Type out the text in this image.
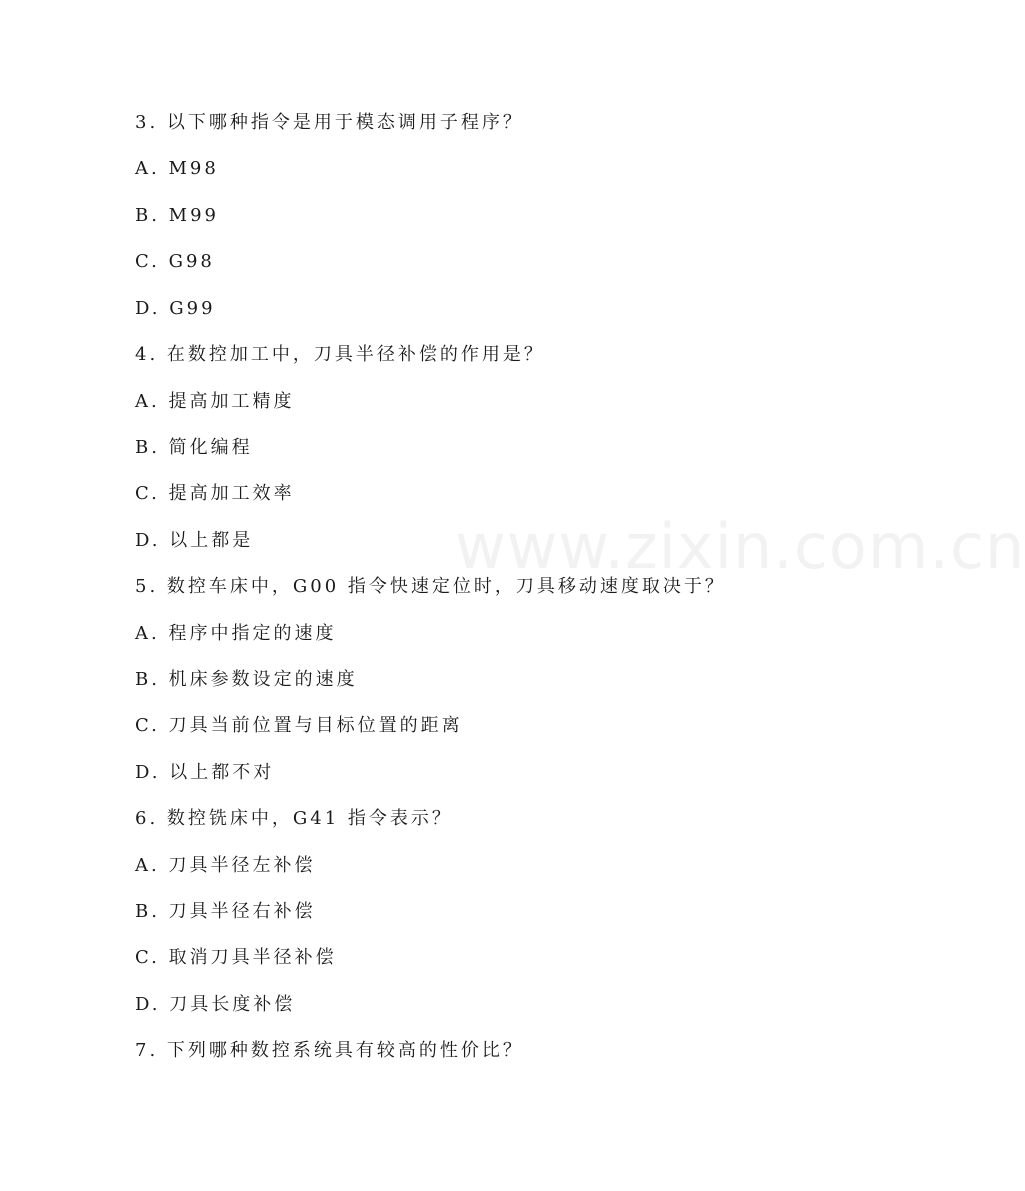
www.zixin.com.cn
3. 以下哪种指令是用于模态调用子程序？
A. M98
B. M99
C. G98
D. G99
4. 在数控加工中，刀具半径补偿的作用是？
A. 提高加工精度
B. 简化编程
C. 提高加工效率
D. 以上都是
5. 数控车床中，G00 指令快速定位时，刀具移动速度取决于？
A. 程序中指定的速度
B. 机床参数设定的速度
C. 刀具当前位置与目标位置的距离
D. 以上都不对
6. 数控铣床中，G41 指令表示？
A. 刀具半径左补偿
B. 刀具半径右补偿
C. 取消刀具半径补偿
D. 刀具长度补偿
7. 下列哪种数控系统具有较高的性价比？
